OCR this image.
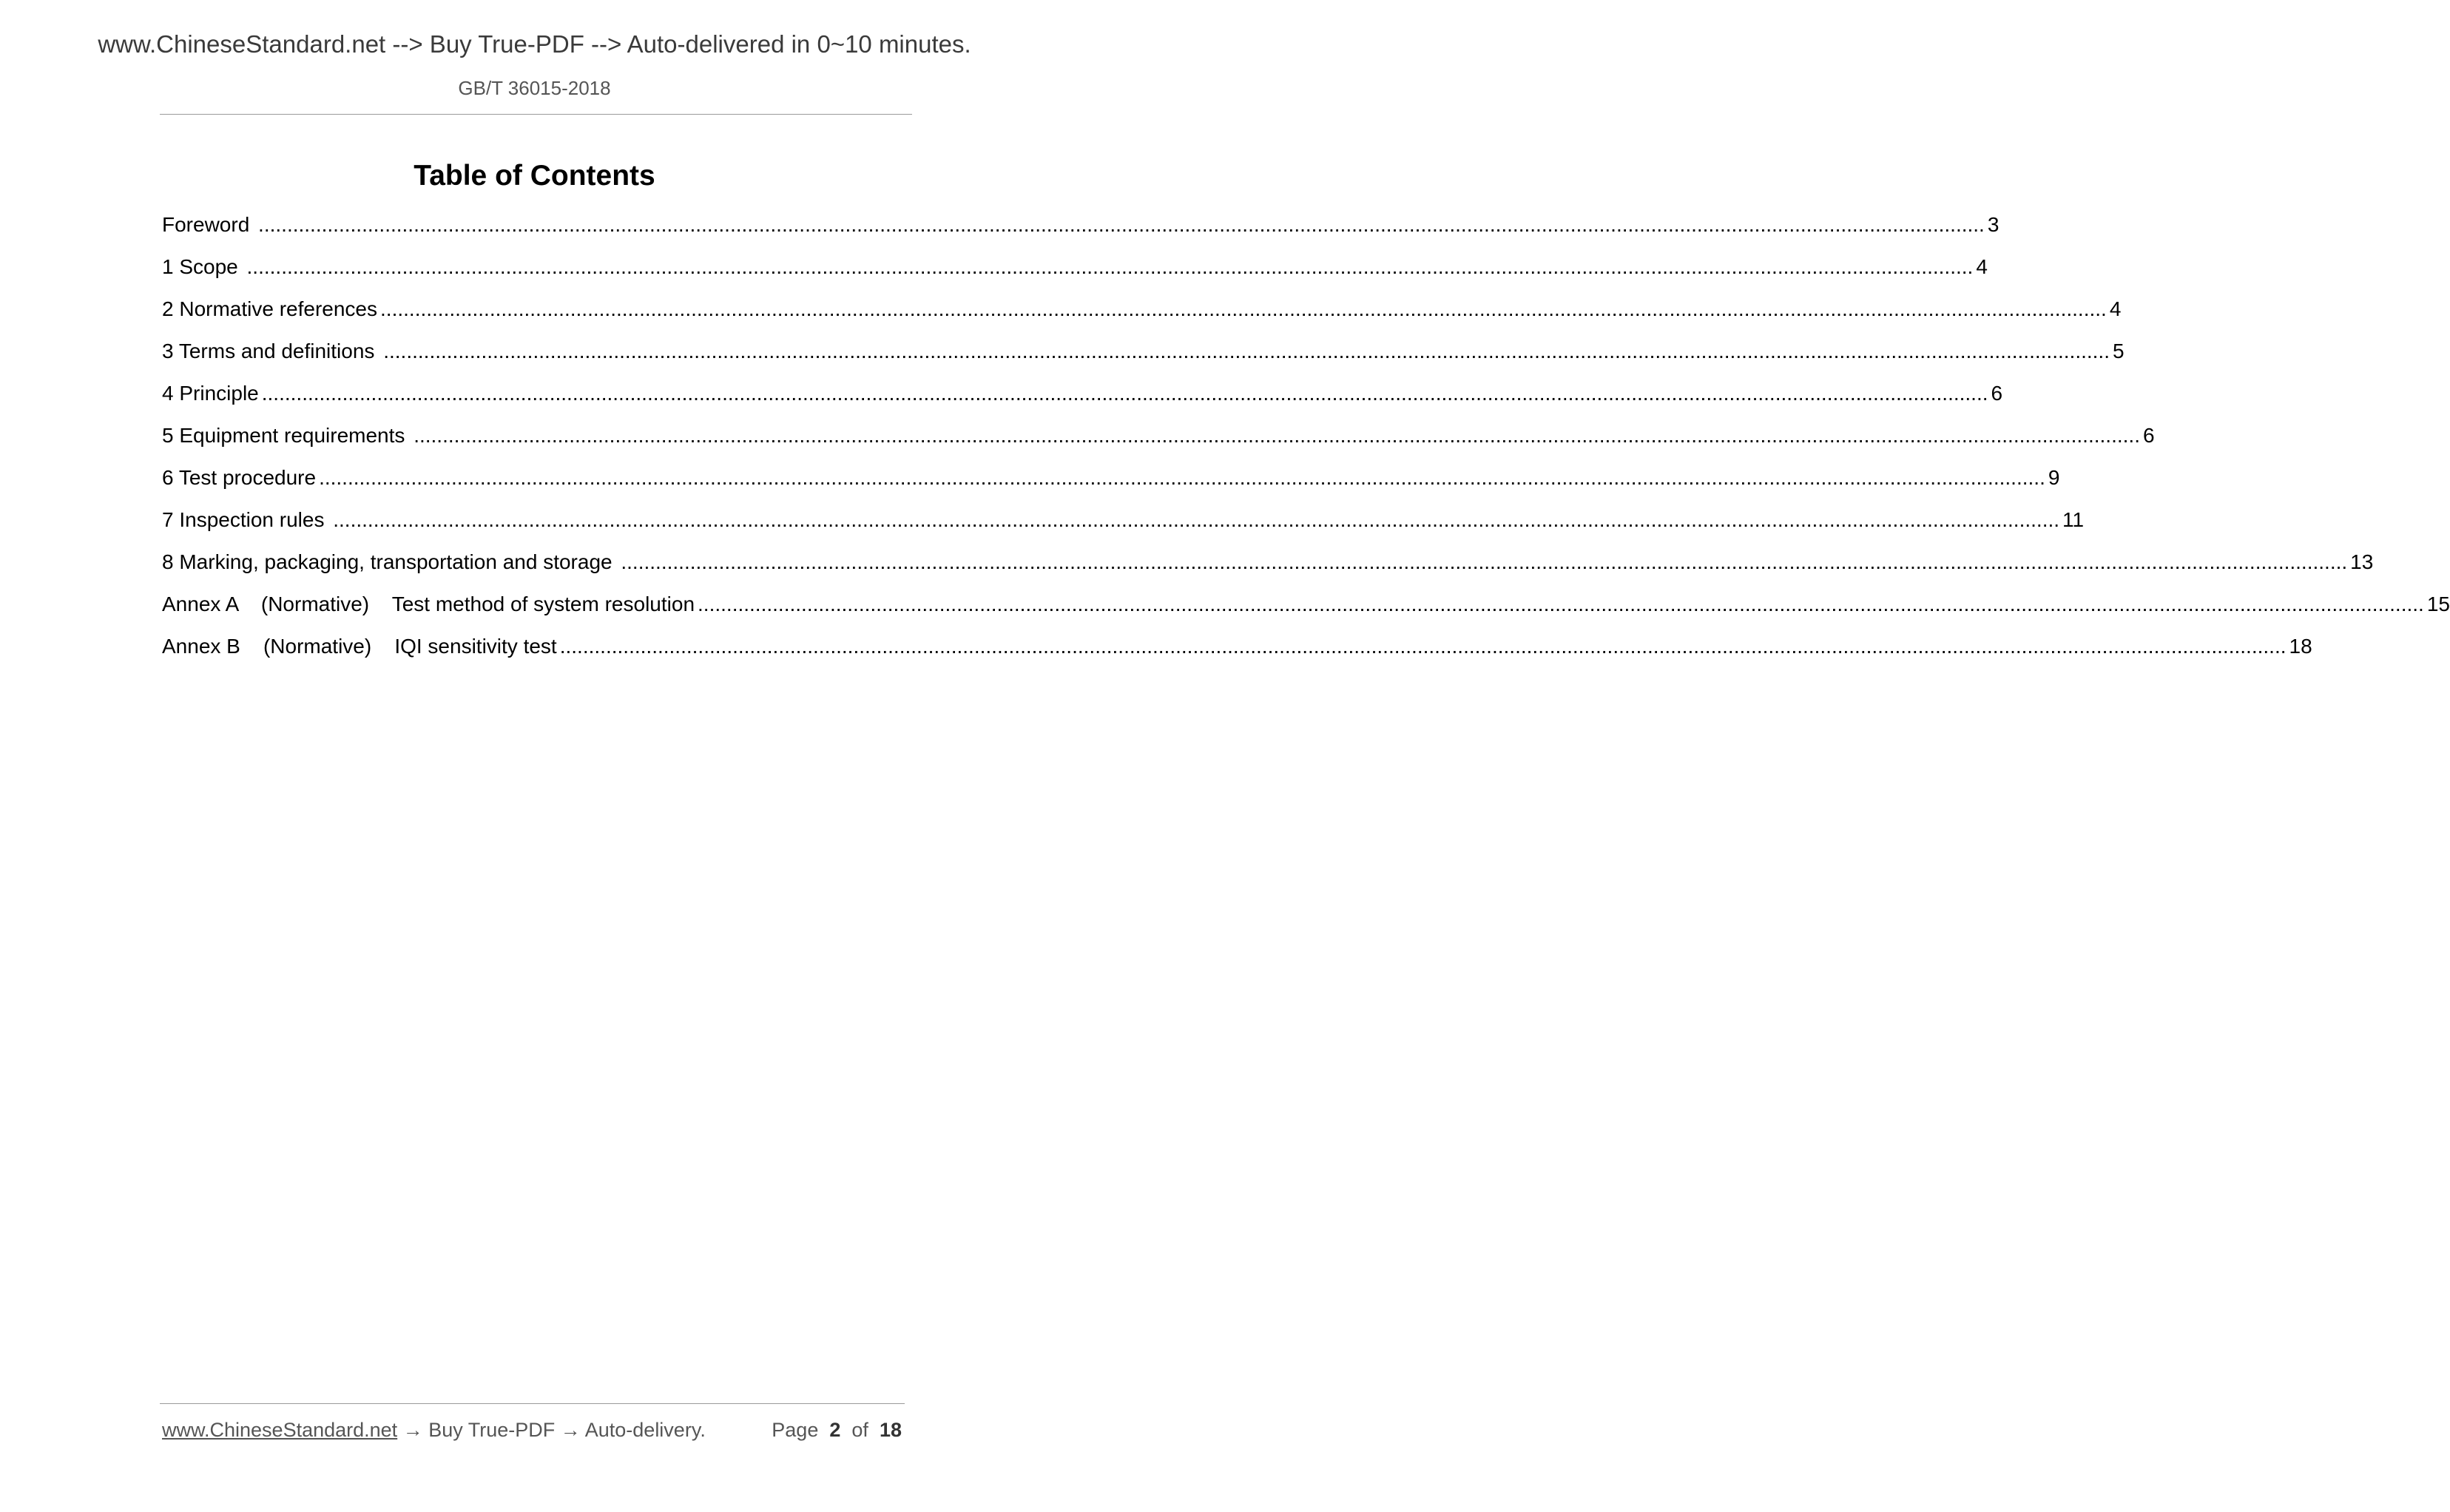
www.ChineseStandard.net --> Buy True-PDF --> Auto-delivered in 0~10 minutes.
GB/T 36015-2018
Table of Contents
Foreword ............................................................................................................................................................................................................................................................................................................ 3
1 Scope ............................................................................................................................................................................................................................................................................................................ 4
2 Normative references ............................................................................................................................................................................................................................................................................................................ 4
3 Terms and definitions ............................................................................................................................................................................................................................................................................................................ 5
4 Principle ............................................................................................................................................................................................................................................................................................................ 6
5 Equipment requirements ............................................................................................................................................................................................................................................................................................................ 6
6 Test procedure ............................................................................................................................................................................................................................................................................................................ 9
7 Inspection rules ............................................................................................................................................................................................................................................................................................................ 11
8 Marking, packaging, transportation and storage ............................................................................................................................................................................................................................................................................................................ 13
Annex A    (Normative)    Test method of system resolution ............................................................................................................................................................................................................................................................................................................ 15
Annex B    (Normative)    IQI sensitivity test ............................................................................................................................................................................................................................................................................................................ 18
www.ChineseStandard.net → Buy True-PDF → Auto-delivery.	Page 2 of 18
